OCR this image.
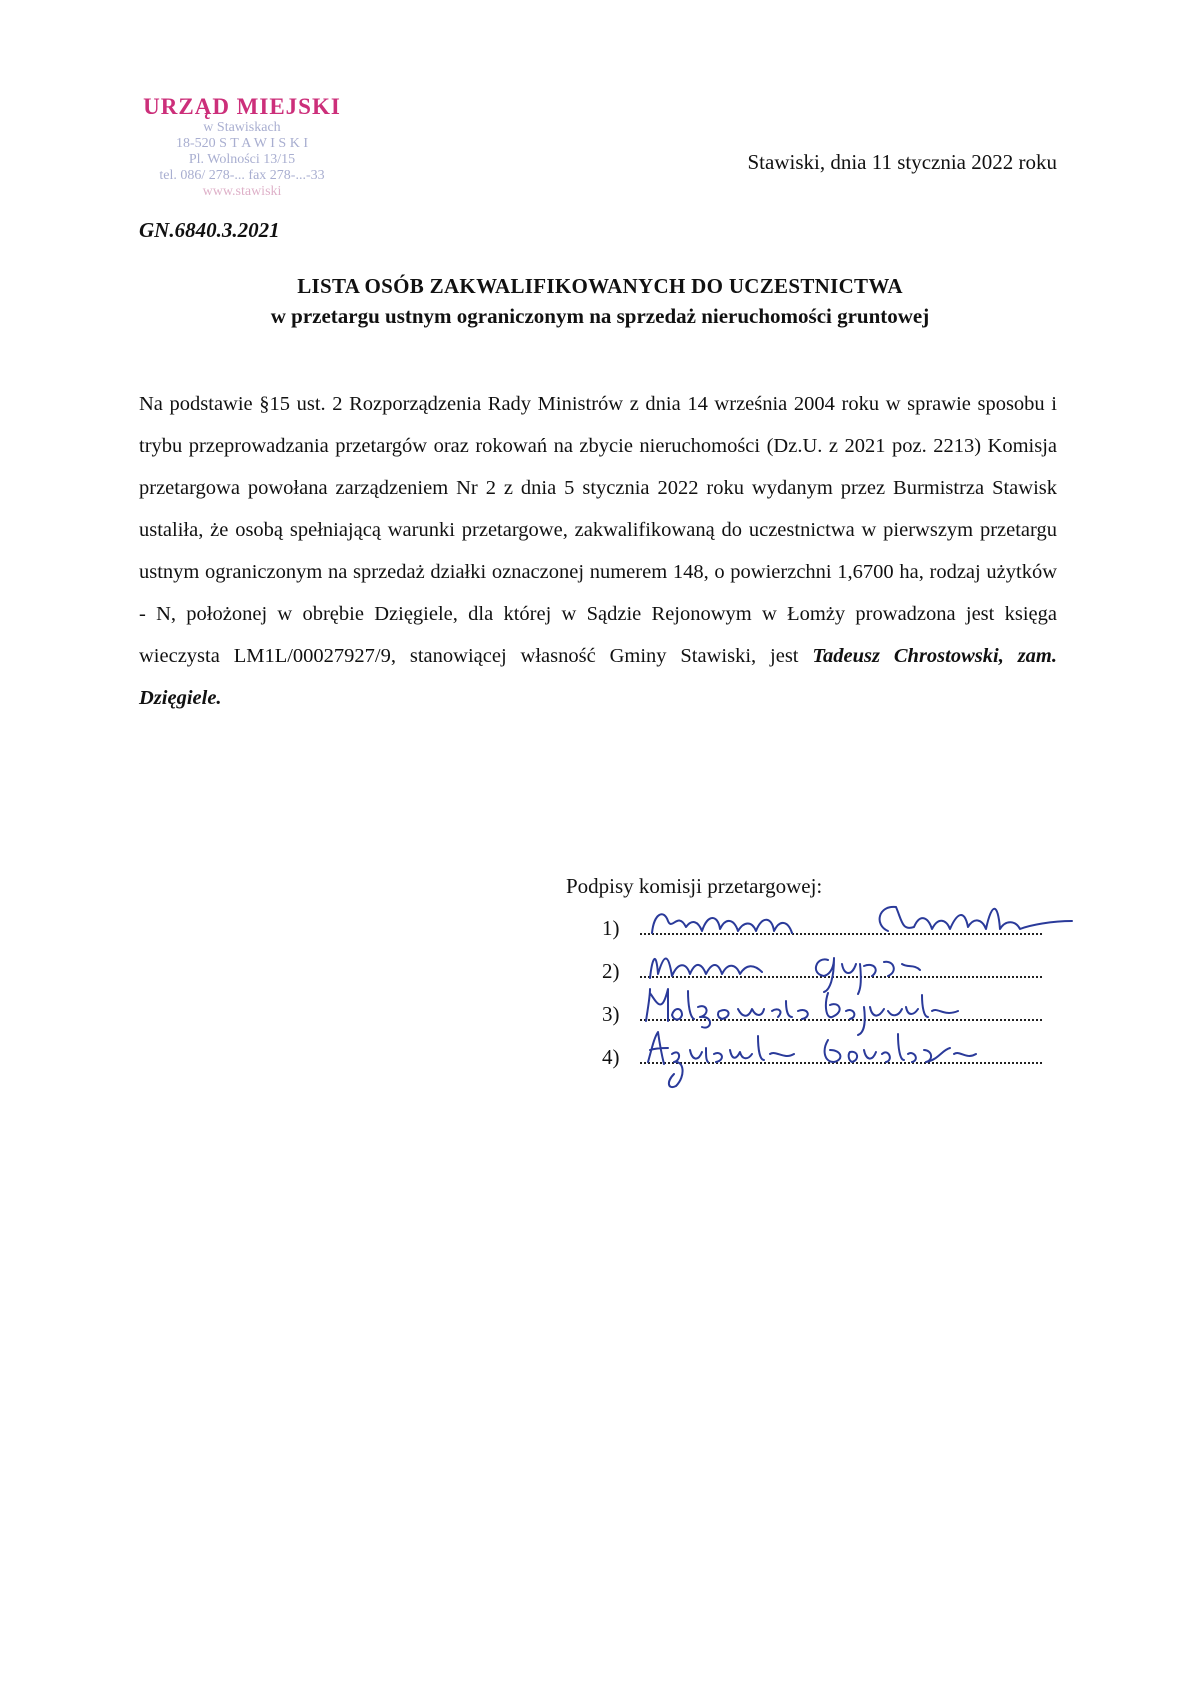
URZĄD MIEJSKI
w Stawiskach
18-520 S T A W I S K I
Pl. Wolności 13/15
tel. 086/ 278-... fax 278-...-33
www.stawiski
Stawiski, dnia 11 stycznia 2022 roku
GN.6840.3.2021
LISTA OSÓB ZAKWALIFIKOWANYCH DO UCZESTNICTWA
w przetargu ustnym ograniczonym na sprzedaż nieruchomości gruntowej
Na podstawie §15 ust. 2 Rozporządzenia Rady Ministrów z dnia 14 września 2004 roku w sprawie sposobu i trybu przeprowadzania przetargów oraz rokowań na zbycie nieruchomości (Dz.U. z 2021 poz. 2213) Komisja przetargowa powołana zarządzeniem Nr 2 z dnia 5 stycznia 2022 roku wydanym przez Burmistrza Stawisk ustaliła, że osobą spełniającą warunki przetargowe, zakwalifikowaną do uczestnictwa w pierwszym przetargu ustnym ograniczonym na sprzedaż działki oznaczonej numerem 148, o powierzchni 1,6700 ha, rodzaj użytków - N, położonej w obrębie Dzięgiele, dla której w Sądzie Rejonowym w Łomży prowadzona jest księga wieczysta LM1L/00027927/9, stanowiącej własność Gminy Stawiski, jest Tadeusz Chrostowski, zam. Dzięgiele.
Podpisy komisji przetargowej:
1)
2)
3)
4)
